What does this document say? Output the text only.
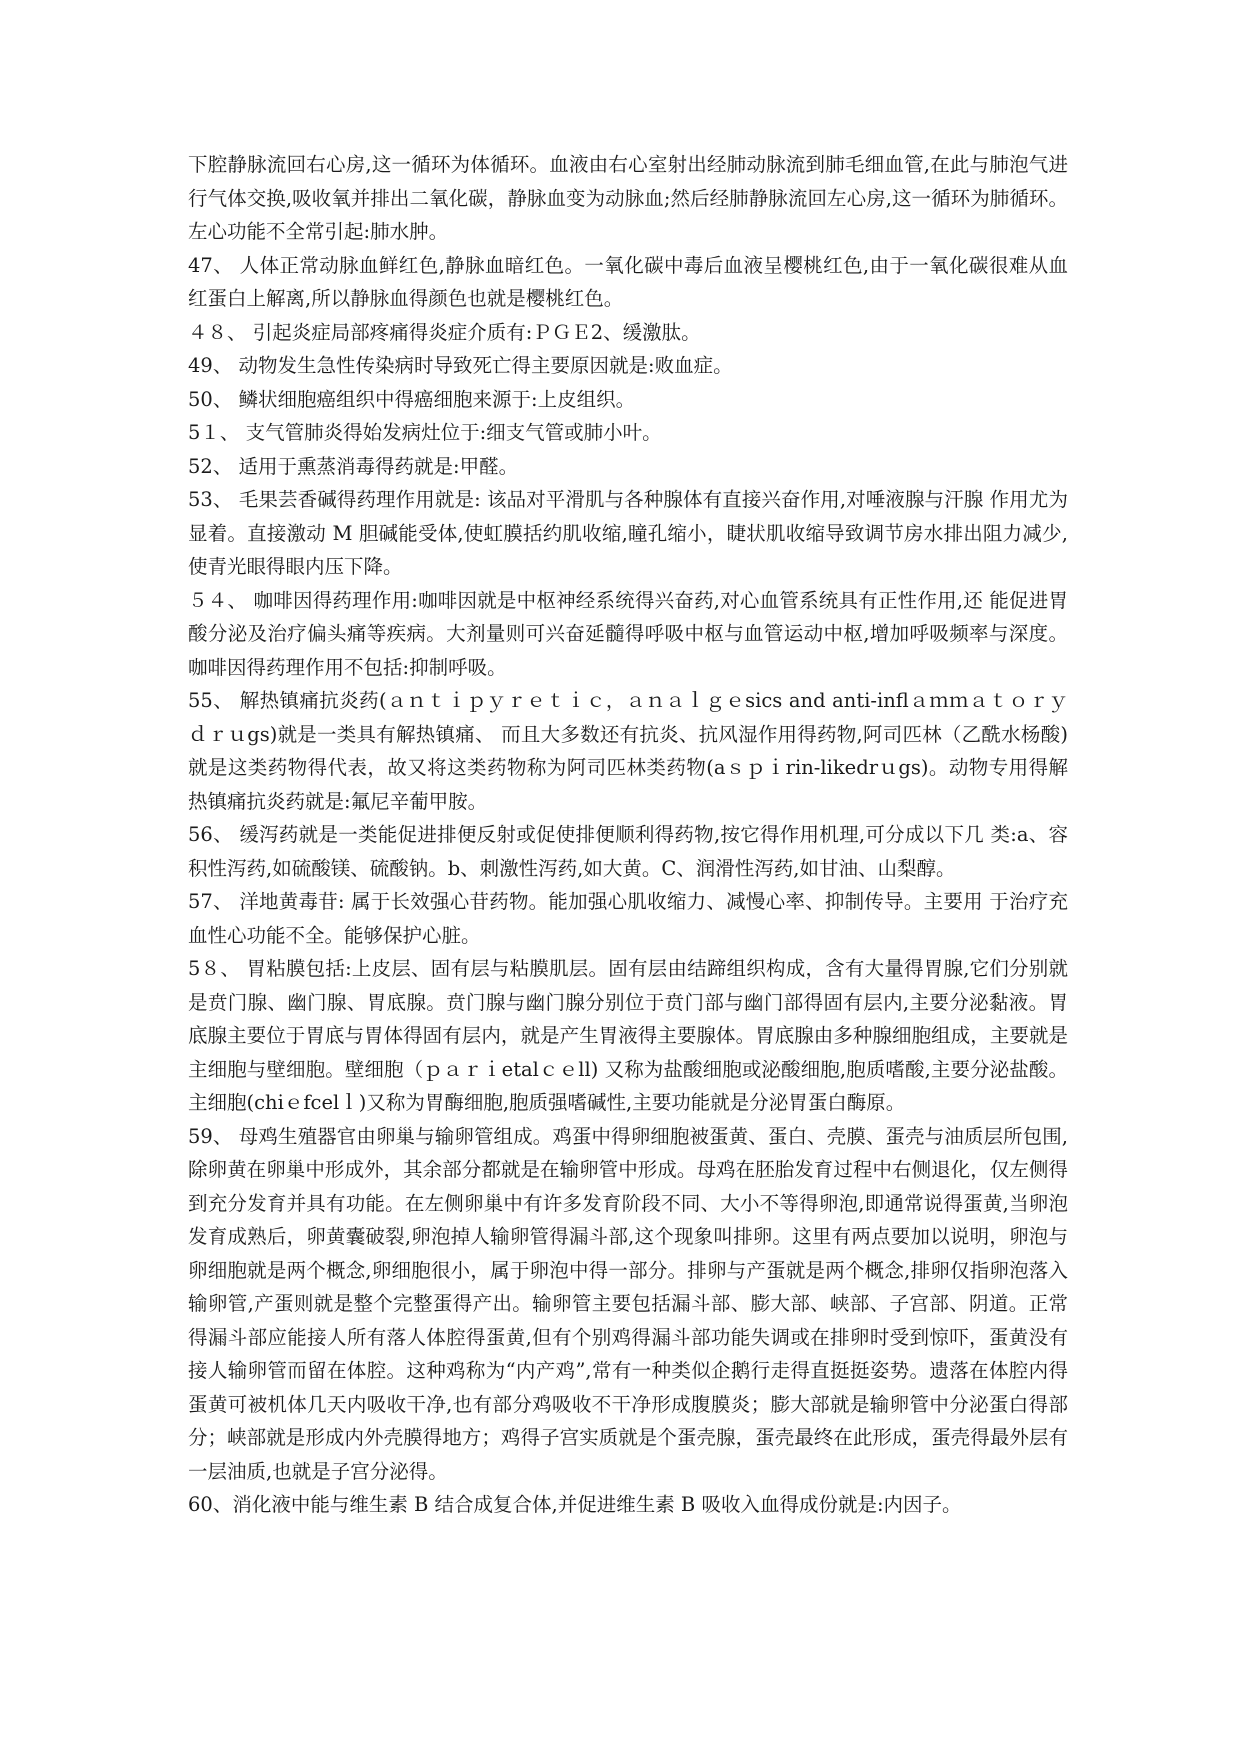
下腔静脉流回右心房,这一循环为体循环。血液由右心室射出经肺动脉流到肺毛细血管,在此与肺泡气进行气体交换,吸收氧并排出二氧化碳，静脉血变为动脉血;然后经肺静脉流回左心房,这一循环为肺循环。左心功能不全常引起:肺水肿。

47、 人体正常动脉血鲜红色,静脉血暗红色。一氧化碳中毒后血液呈樱桃红色,由于一氧化碳很难从血红蛋白上解离,所以静脉血得颜色也就是樱桃红色。

４８、 引起炎症局部疼痛得炎症介质有:ＰＧＥ2、缓激肽。

49、 动物发生急性传染病时导致死亡得主要原因就是:败血症。

50、 鳞状细胞癌组织中得癌细胞来源于:上皮组织。

5１、 支气管肺炎得始发病灶位于:细支气管或肺小叶。

52、 适用于熏蒸消毒得药就是:甲醛。

53、 毛果芸香碱得药理作用就是: 该品对平滑肌与各种腺体有直接兴奋作用,对唾液腺与汗腺 作用尤为显着。直接激动 M 胆碱能受体,使虹膜括约肌收缩,瞳孔缩小，睫状肌收缩导致调节房水排出阻力减少,使青光眼得眼内压下降。

５４、 咖啡因得药理作用:咖啡因就是中枢神经系统得兴奋药,对心血管系统具有正性作用,还 能促进胃酸分泌及治疗偏头痛等疾病。大剂量则可兴奋延髓得呼吸中枢与血管运动中枢,增加呼吸频率与深度。咖啡因得药理作用不包括:抑制呼吸。

55、 解热镇痛抗炎药(ａｎｔｉｐｙｒｅｔｉｃ，ａｎａｌｇｅsics and anti-inflａｍｍａｔｏｒｙ ｄｒｕgs)就是一类具有解热镇痛、 而且大多数还有抗炎、抗风湿作用得药物,阿司匹林（乙酰水杨酸)就是这类药物得代表，故又将这类药物称为阿司匹林类药物(aｓｐｉrin-likedrｕgs)。动物专用得解热镇痛抗炎药就是:氟尼辛葡甲胺。

56、 缓泻药就是一类能促进排便反射或促使排便顺利得药物,按它得作用机理,可分成以下几 类:a、容积性泻药,如硫酸镁、硫酸钠。b、刺激性泻药,如大黄。C、润滑性泻药,如甘油、山梨醇。

57、 洋地黄毒苷: 属于长效强心苷药物。能加强心肌收缩力、减慢心率、抑制传导。主要用 于治疗充血性心功能不全。能够保护心脏。

5８、 胃粘膜包括:上皮层、固有层与粘膜肌层。固有层由结蹄组织构成，含有大量得胃腺,它们分别就是贲门腺、幽门腺、胃底腺。贲门腺与幽门腺分别位于贲门部与幽门部得固有层内,主要分泌黏液。胃底腺主要位于胃底与胃体得固有层内，就是产生胃液得主要腺体。胃底腺由多种腺细胞组成，主要就是主细胞与壁细胞。壁细胞（ｐａｒｉetalｃｅll) 又称为盐酸细胞或泌酸细胞,胞质嗜酸,主要分泌盐酸。主细胞(chiｅfcelｌ)又称为胃酶细胞,胞质强嗜碱性,主要功能就是分泌胃蛋白酶原。

59、 母鸡生殖器官由卵巢与输卵管组成。鸡蛋中得卵细胞被蛋黄、蛋白、壳膜、蛋壳与油质层所包围,除卵黄在卵巢中形成外，其余部分都就是在输卵管中形成。母鸡在胚胎发育过程中右侧退化，仅左侧得到充分发育并具有功能。在左侧卵巢中有许多发育阶段不同、大小不等得卵泡,即通常说得蛋黄,当卵泡发育成熟后，卵黄囊破裂,卵泡掉人输卵管得漏斗部,这个现象叫排卵。这里有两点要加以说明，卵泡与卵细胞就是两个概念,卵细胞很小，属于卵泡中得一部分。排卵与产蛋就是两个概念,排卵仅指卵泡落入输卵管,产蛋则就是整个完整蛋得产出。输卵管主要包括漏斗部、膨大部、峡部、子宫部、阴道。正常得漏斗部应能接人所有落人体腔得蛋黄,但有个别鸡得漏斗部功能失调或在排卵时受到惊吓，蛋黄没有接人输卵管而留在体腔。这种鸡称为“内产鸡”,常有一种类似企鹅行走得直挺挺姿势。遗落在体腔内得蛋黄可被机体几天内吸收干净,也有部分鸡吸收不干净形成腹膜炎；膨大部就是输卵管中分泌蛋白得部分；峡部就是形成内外壳膜得地方；鸡得子宫实质就是个蛋壳腺，蛋壳最终在此形成，蛋壳得最外层有一层油质,也就是子宫分泌得。

60、消化液中能与维生素 B 结合成复合体,并促进维生素 B 吸收入血得成份就是:内因子。
